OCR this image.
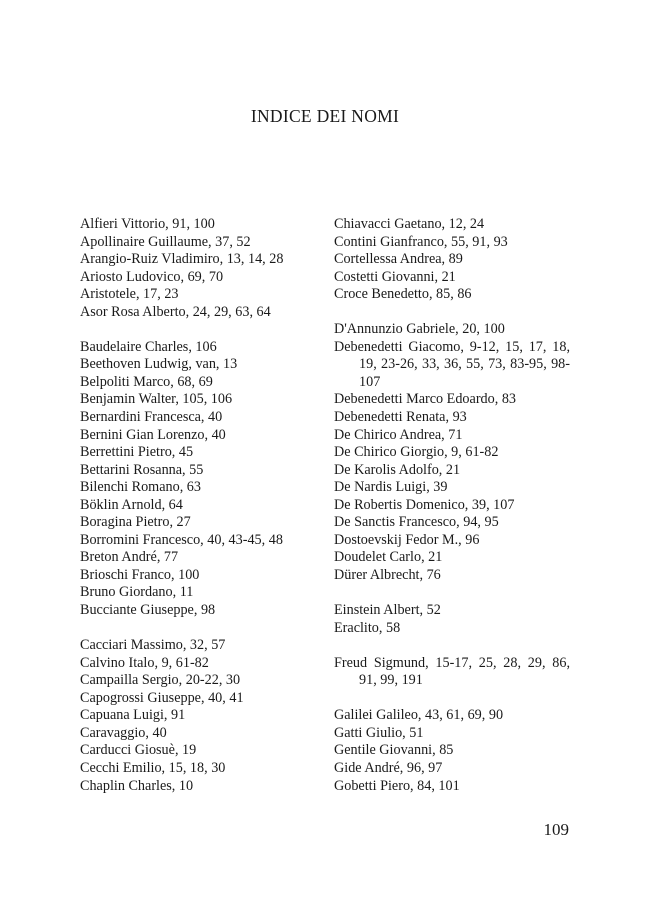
INDICE DEI NOMI
Alfieri Vittorio, 91, 100
Apollinaire Guillaume, 37, 52
Arangio-Ruiz Vladimiro, 13, 14, 28
Ariosto Ludovico, 69, 70
Aristotele, 17, 23
Asor Rosa Alberto, 24, 29, 63, 64
Baudelaire Charles, 106
Beethoven Ludwig, van, 13
Belpoliti Marco, 68, 69
Benjamin Walter, 105, 106
Bernardini Francesca, 40
Bernini Gian Lorenzo, 40
Berrettini Pietro, 45
Bettarini Rosanna, 55
Bilenchi Romano, 63
Böklin Arnold, 64
Boragina Pietro, 27
Borromini Francesco, 40, 43-45, 48
Breton André, 77
Brioschi Franco, 100
Bruno Giordano, 11
Bucciante Giuseppe, 98
Cacciari Massimo, 32, 57
Calvino Italo, 9, 61-82
Campailla Sergio, 20-22, 30
Capogrossi Giuseppe, 40, 41
Capuana Luigi, 91
Caravaggio, 40
Carducci Giosuè, 19
Cecchi Emilio, 15, 18, 30
Chaplin Charles, 10
Chiavacci Gaetano, 12, 24
Contini Gianfranco, 55, 91, 93
Cortellessa Andrea, 89
Costetti Giovanni, 21
Croce Benedetto, 85, 86
D'Annunzio Gabriele, 20, 100
Debenedetti Giacomo, 9-12, 15, 17, 18, 19, 23-26, 33, 36, 55, 73, 83-95, 98-107
Debenedetti Marco Edoardo, 83
Debenedetti Renata, 93
De Chirico Andrea, 71
De Chirico Giorgio, 9, 61-82
De Karolis Adolfo, 21
De Nardis Luigi, 39
De Robertis Domenico, 39, 107
De Sanctis Francesco, 94, 95
Dostoevskij Fedor M., 96
Doudelet Carlo, 21
Dürer Albrecht, 76
Einstein Albert, 52
Eraclito, 58
Freud Sigmund, 15-17, 25, 28, 29, 86, 91, 99, 191
Galilei Galileo, 43, 61, 69, 90
Gatti Giulio, 51
Gentile Giovanni, 85
Gide André, 96, 97
Gobetti Piero, 84, 101
109
